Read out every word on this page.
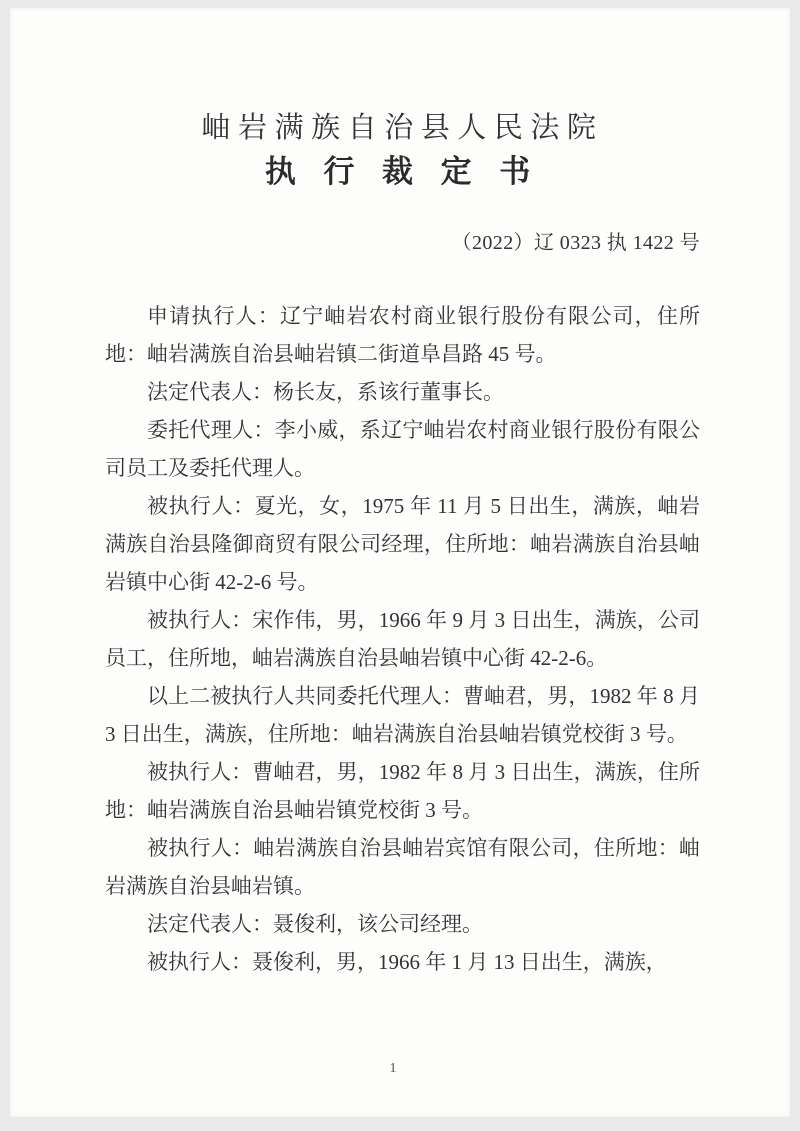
岫岩满族自治县人民法院
执 行 裁 定 书
（2022）辽 0323 执 1422 号

申请执行人：辽宁岫岩农村商业银行股份有限公司，住所地：岫岩满族自治县岫岩镇二街道阜昌路 45 号。

法定代表人：杨长友，系该行董事长。

委托代理人：李小威，系辽宁岫岩农村商业银行股份有限公司员工及委托代理人。

被执行人：夏光，女，1975 年 11 月 5 日出生，满族，岫岩满族自治县隆御商贸有限公司经理，住所地：岫岩满族自治县岫岩镇中心街 42-2-6 号。

被执行人：宋作伟，男，1966 年 9 月 3 日出生，满族，公司员工，住所地，岫岩满族自治县岫岩镇中心街 42-2-6。

以上二被执行人共同委托代理人：曹岫君，男，1982 年 8 月 3 日出生，满族，住所地：岫岩满族自治县岫岩镇党校街 3 号。

被执行人：曹岫君，男，1982 年 8 月 3 日出生，满族，住所地：岫岩满族自治县岫岩镇党校街 3 号。

被执行人：岫岩满族自治县岫岩宾馆有限公司，住所地：岫岩满族自治县岫岩镇。

法定代表人：聂俊利，该公司经理。

被执行人：聂俊利，男，1966 年 1 月 13 日出生，满族，

1
